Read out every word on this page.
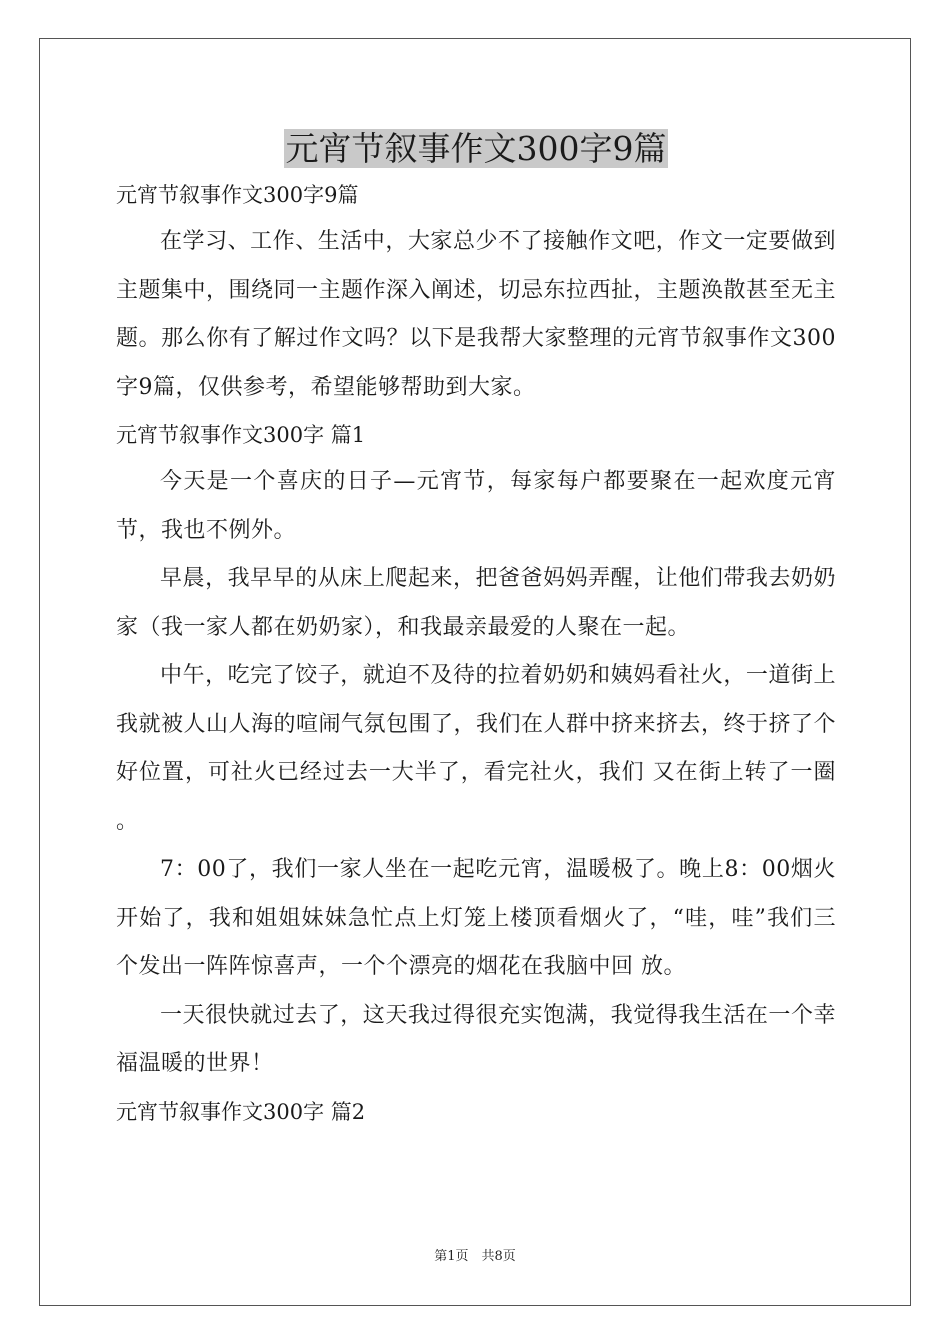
元宵节叙事作文300字9篇
元宵节叙事作文300字9篇

在学习、工作、生活中，大家总少不了接触作文吧，作文一定要做到主题集中，围绕同一主题作深入阐述，切忌东拉西扯，主题涣散甚至无主题。那么你有了解过作文吗？以下是我帮大家整理的元宵节叙事作文300字9篇，仅供参考，希望能够帮助到大家。

元宵节叙事作文300字 篇1

今天是一个喜庆的日子—元宵节，每家每户都要聚在一起欢度元宵节，我也不例外。

早晨，我早早的从床上爬起来，把爸爸妈妈弄醒，让他们带我去奶奶家（我一家人都在奶奶家），和我最亲最爱的人聚在一起。

中午，吃完了饺子，就迫不及待的拉着奶奶和姨妈看社火，一道街上我就被人山人海的喧闹气氛包围了，我们在人群中挤来挤去，终于挤了个好位置，可社火已经过去一大半了，看完社火，我们 又在街上转了一圈 。

7：00了，我们一家人坐在一起吃元宵，温暖极了。晚上8：00烟火开始了，我和姐姐妹妹急忙点上灯笼上楼顶看烟火了，“哇，哇”我们三个发出一阵阵惊喜声，一个个漂亮的烟花在我脑中回 放。

一天很快就过去了，这天我过得很充实饱满，我觉得我生活在一个幸福温暖的世界！

元宵节叙事作文300字 篇2
第1页　共8页
